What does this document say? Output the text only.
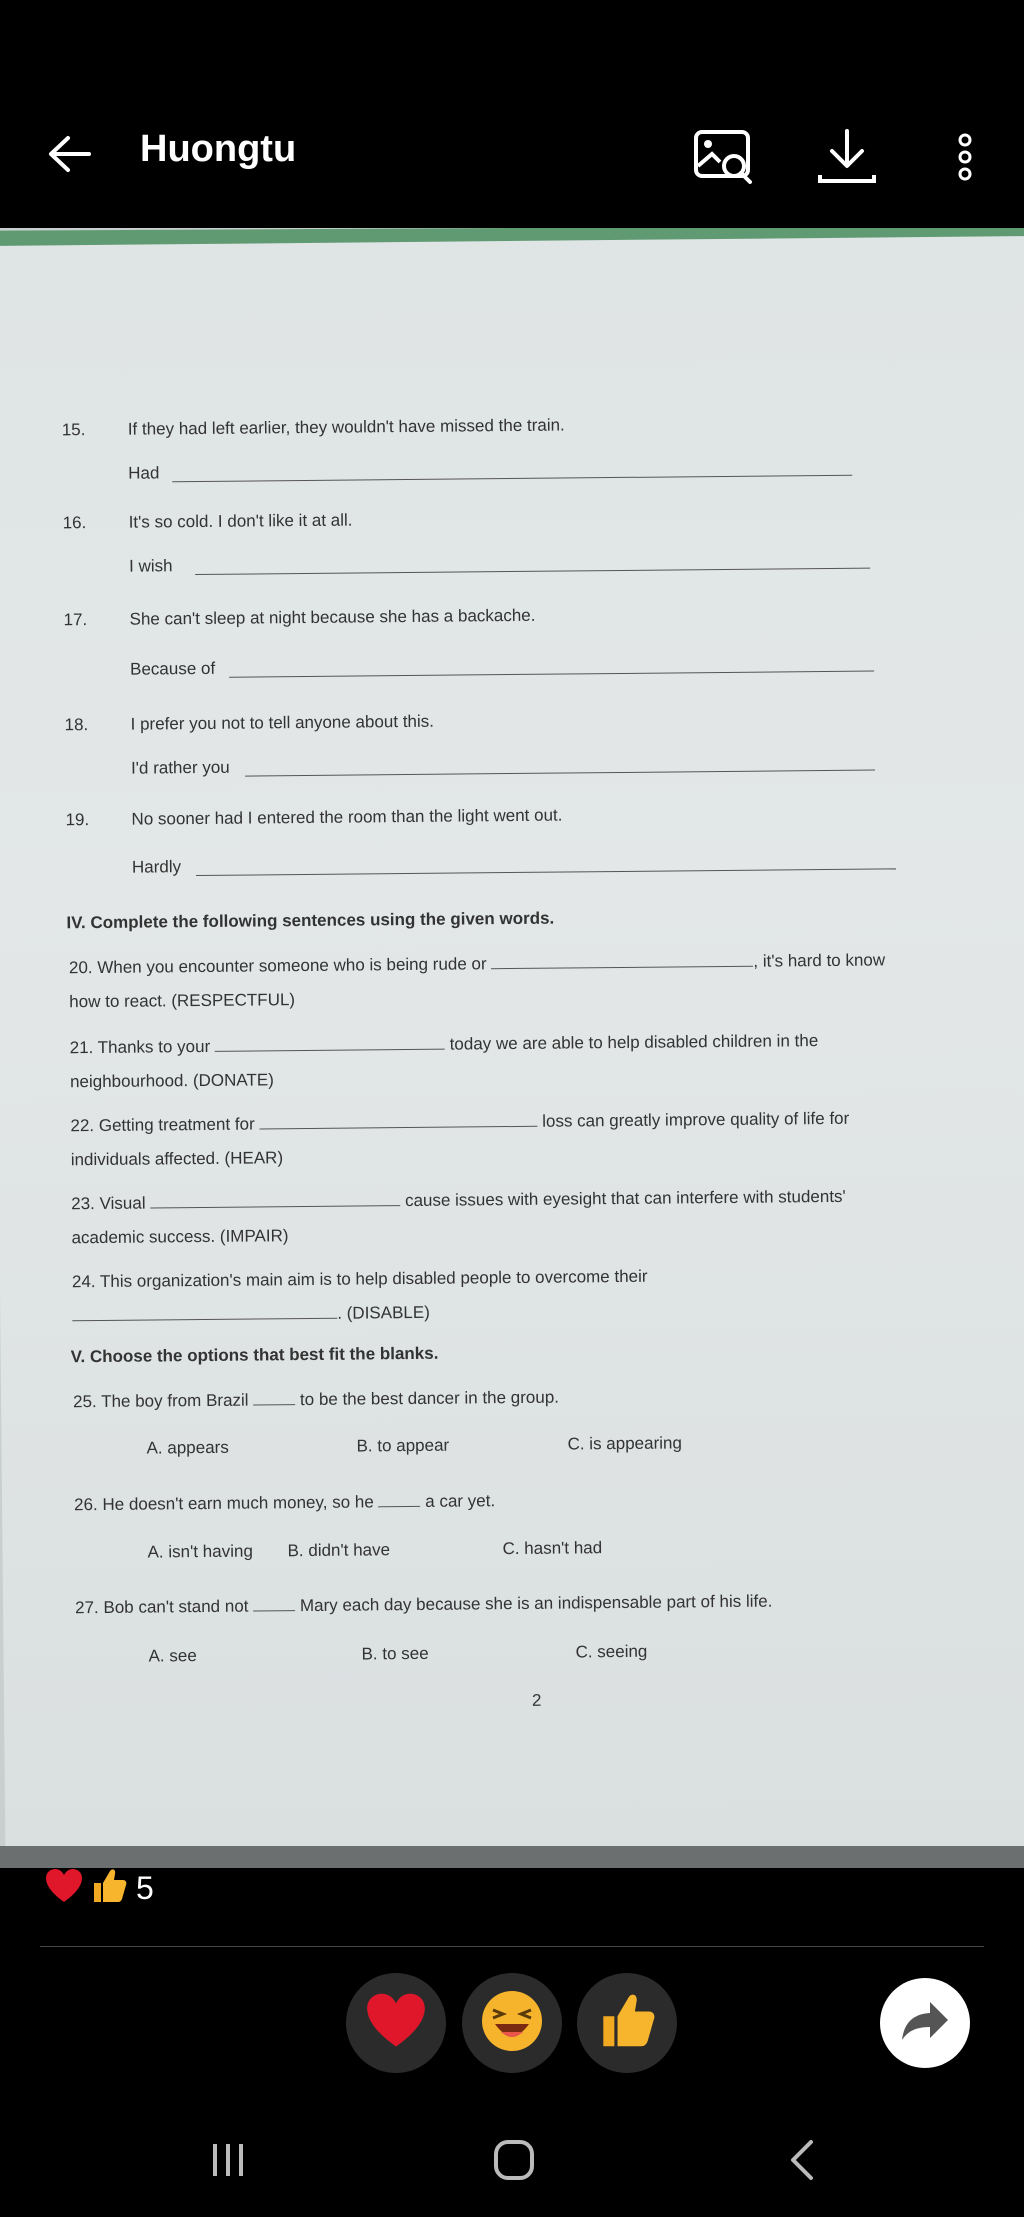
Huongtu
15. If they had left earlier, they wouldn't have missed the train.
Had
16. It's so cold. I don't like it at all.
I wish
17. She can't sleep at night because she has a backache.
Because of
18. I prefer you not to tell anyone about this.
I'd rather you
19. No sooner had I entered the room than the light went out.
Hardly
IV. Complete the following sentences using the given words.
20. When you encounter someone who is being rude or	, it's hard to know
how to react. (RESPECTFUL)
21. Thanks to your	today we are able to help disabled children in the
neighbourhood. (DONATE)
22. Getting treatment for	loss can greatly improve quality of life for
individuals affected. (HEAR)
23. Visual	cause issues with eyesight that can interfere with students'
academic success. (IMPAIR)
24. This organization's main aim is to help disabled people to overcome their
. (DISABLE)
V. Choose the options that best fit the blanks.
25. The boy from Brazil	to be the best dancer in the group.
A. appears	B. to appear	C. is appearing
26. He doesn't earn much money, so he	a car yet.
A. isn't having B. didn't have	C. hasn't had
27. Bob can't stand not	Mary each day because she is an indispensable part of his life.
A. see	B. to see	C. seeing
2
5
